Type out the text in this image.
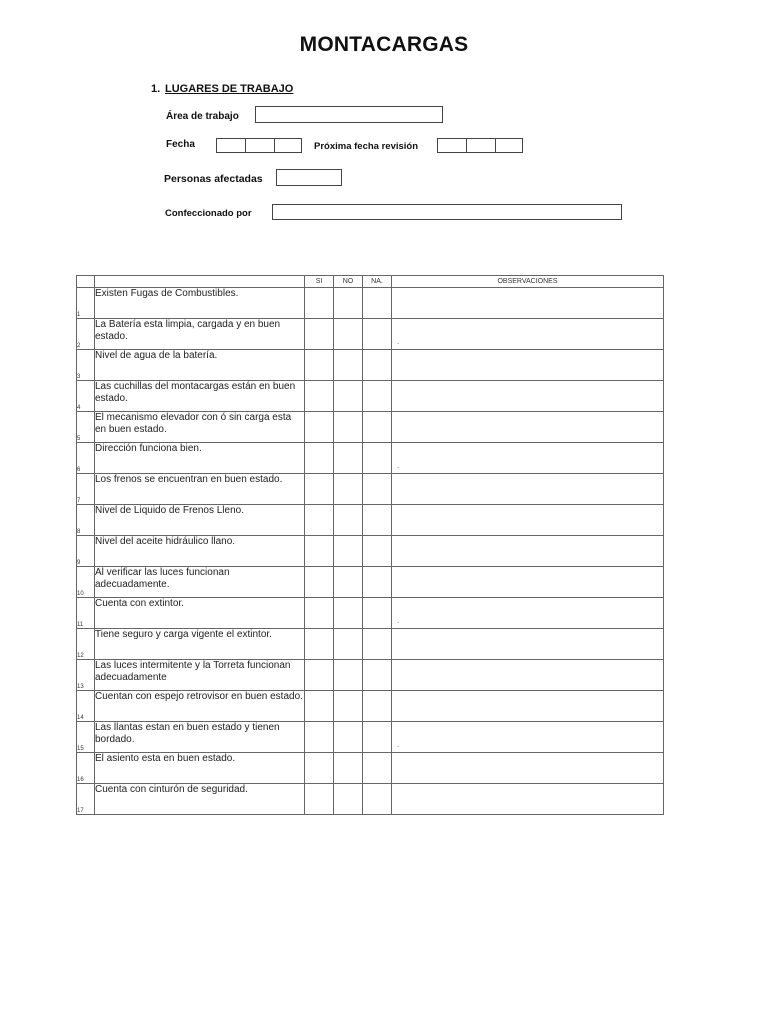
MONTACARGAS
1. LUGARES DE TRABAJO
Área de trabajo
Fecha	Próxima fecha revisión
Personas afectadas
Confeccionado por
		SI	NO	NA.	OBSERVACIONES
1	Existen Fugas de Combustibles.				

2	La Batería esta limpia, cargada y en buen estado.				.

3	Nivel de agua de la batería.				

4	Las cuchillas del montacargas están en buen estado.				

5	El mecanismo elevador con ó sin carga esta en buen estado.				

6	Dirección funciona bien.				.

7	Los frenos se encuentran en buen estado.				

8	Nivel de Liquido de Frenos Lleno.				

9	Nivel del aceite hidráulico llano.				

10	Al verificar las luces funcionan adecuadamente.				

11	Cuenta con extintor.				.

12	Tiene seguro y carga vigente el extintor.				

13	Las luces intermitente y la Torreta funcionan adecuadamente				

14	Cuentan con espejo retrovisor en buen estado.				

15	Las llantas estan en buen estado y tienen bordado.				.

16	El asiento esta en buen estado.				

17	Cuenta con cinturón de seguridad.				
